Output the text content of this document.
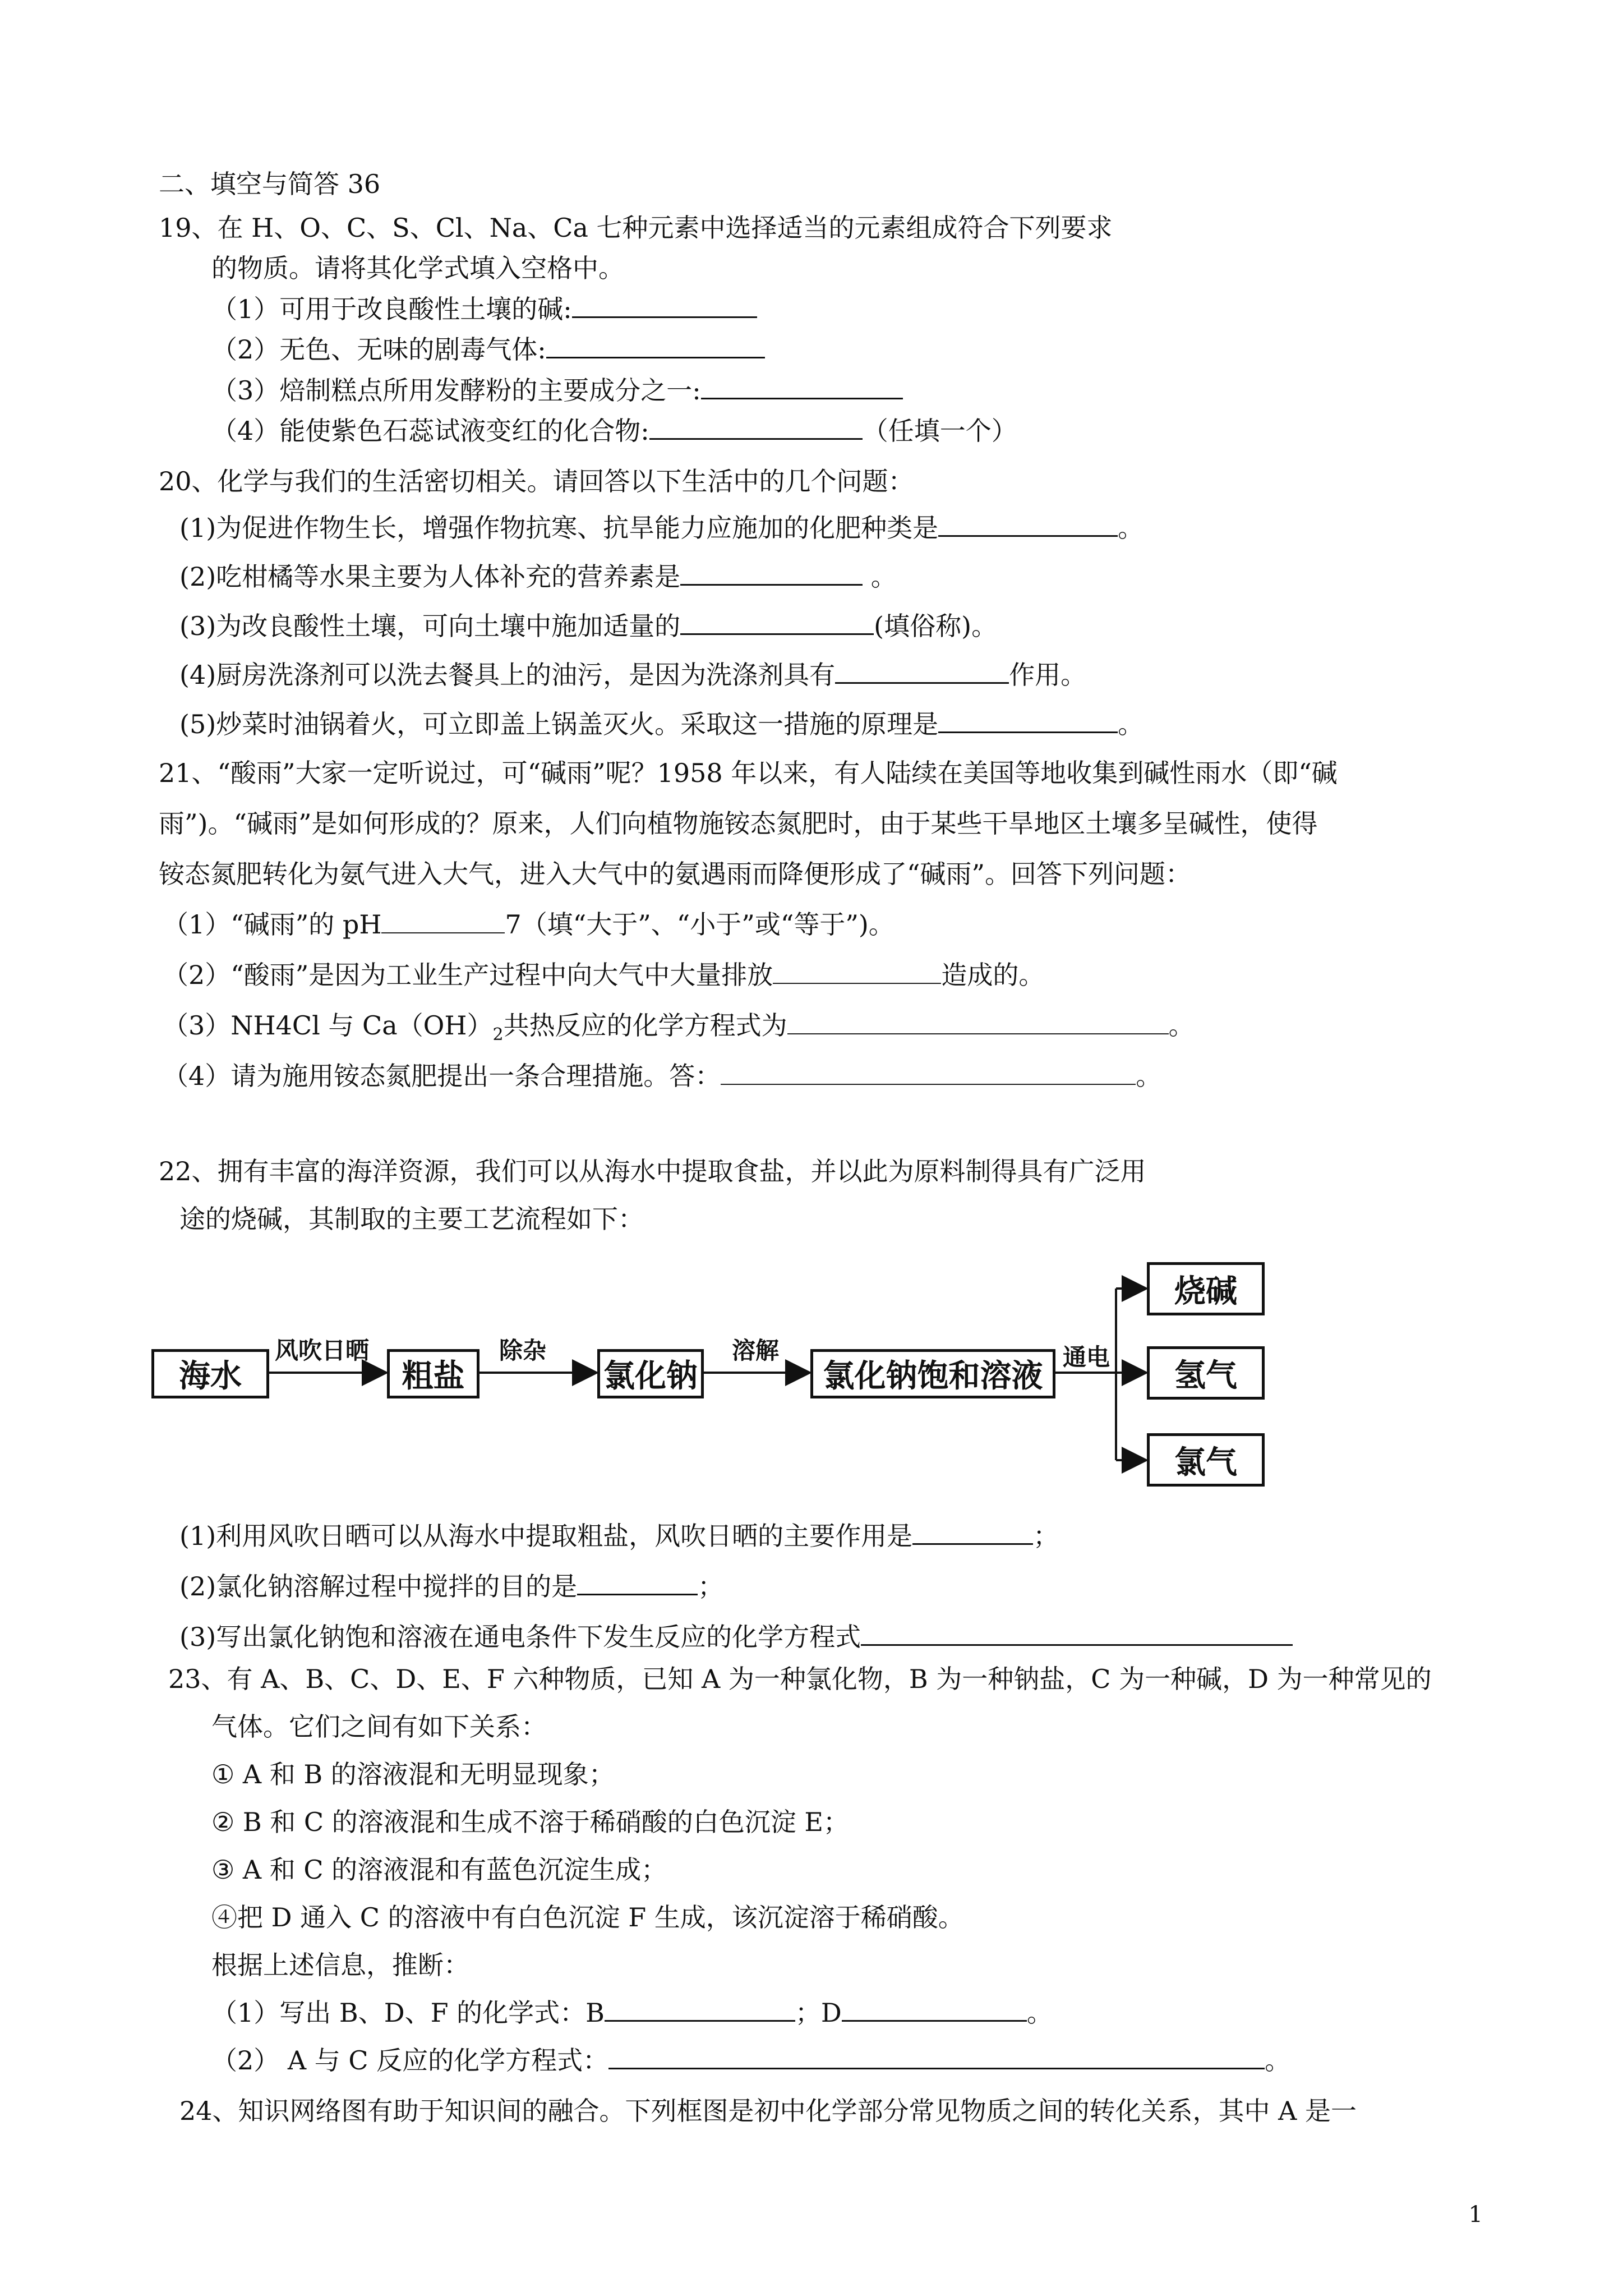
二、填空与简答 36
19、在 H、O、C、S、Cl、Na、Ca 七种元素中选择适当的元素组成符合下列要求
的物质。请将其化学式填入空格中。
（1）可用于改良酸性土壤的碱:
（2）无色、无味的剧毒气体:
（3）焙制糕点所用发酵粉的主要成分之一:
（4）能使紫色石蕊试液变红的化合物:	（任填一个）
20、化学与我们的生活密切相关。请回答以下生活中的几个问题：
(1)为促进作物生长，增强作物抗寒、抗旱能力应施加的化肥种类是	。
(2)吃柑橘等水果主要为人体补充的营养素是	。
(3)为改良酸性土壤，可向土壤中施加适量的	(填俗称)。
(4)厨房洗涤剂可以洗去餐具上的油污，是因为洗涤剂具有	作用。
(5)炒菜时油锅着火，可立即盖上锅盖灭火。采取这一措施的原理是	。
21、“酸雨”大家一定听说过，可“碱雨”呢？1958 年以来，有人陆续在美国等地收集到碱性雨水（即“碱
雨”)。“碱雨”是如何形成的？原来，人们向植物施铵态氮肥时，由于某些干旱地区土壤多呈碱性，使得
铵态氮肥转化为氨气进入大气，进入大气中的氨遇雨而降便形成了“碱雨”。回答下列问题：
（1）“碱雨”的 pH	7（填“大于”、“小于”或“等于”)。
（2）“酸雨”是因为工业生产过程中向大气中大量排放	造成的。
（3）NH4Cl 与 $Ca(OH)_2$共热反应的化学方程式为	。
（4）请为施用铵态氮肥提出一条合理措施。答：	。
22、拥有丰富的海洋资源，我们可以从海水中提取食盐，并以此为原料制得具有广泛用
途的烧碱，其制取的主要工艺流程如下：
海水	粗盐	氯化钠	氯化钠饱和溶液
烧碱
氢气
氯气
风吹日晒	除杂	溶解	通电
(1)利用风吹日晒可以从海水中提取粗盐，风吹日晒的主要作用是	；
(2)氯化钠溶解过程中搅拌的目的是	；
(3)写出氯化钠饱和溶液在通电条件下发生反应的化学方程式
23、有 A、B、C、D、E、F 六种物质，已知 A 为一种氯化物，B 为一种钠盐，C 为一种碱，D 为一种常见的
气体。它们之间有如下关系：
① A 和 B 的溶液混和无明显现象；
② B 和 C 的溶液混和生成不溶于稀硝酸的白色沉淀 E；
③ A 和 C 的溶液混和有蓝色沉淀生成；
④把 D 通入 C 的溶液中有白色沉淀 F 生成，该沉淀溶于稀硝酸。
根据上述信息，推断：
（1）写出 B、D、F 的化学式：B	；D	。
（2） A 与 C 反应的化学方程式：	。
24、知识网络图有助于知识间的融合。下列框图是初中化学部分常见物质之间的转化关系，其中 A 是一
1
